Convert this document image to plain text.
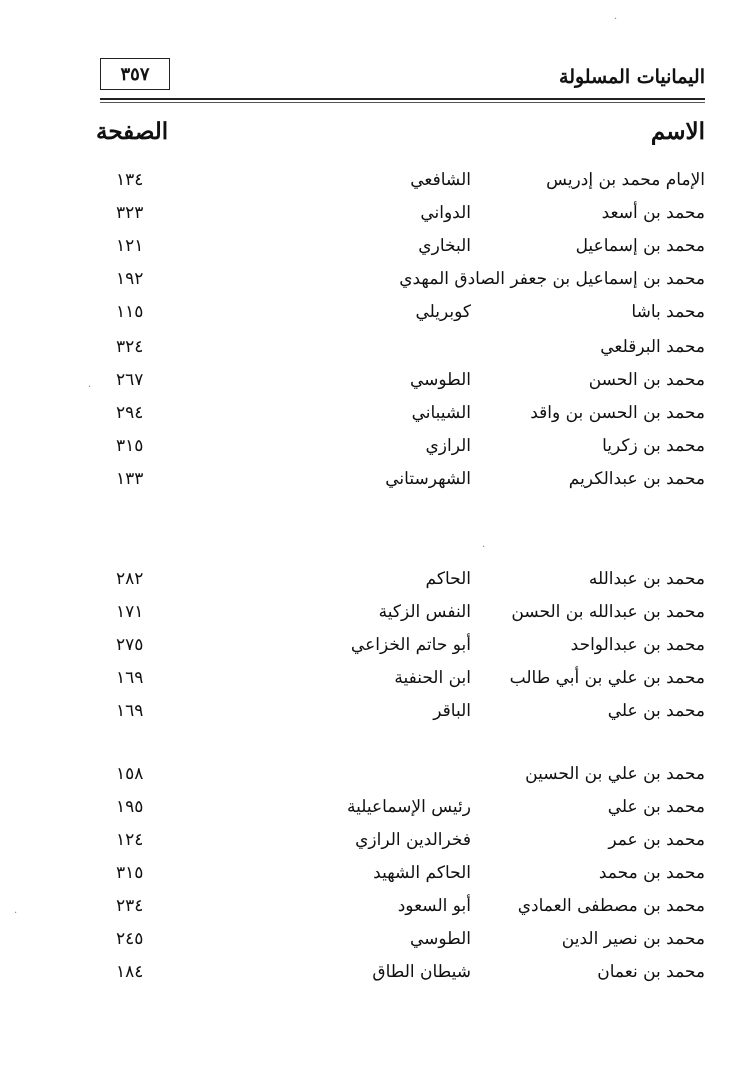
اليمانيات المسلولة
٣٥٧
الاسم
الصفحة
الإمام محمد بن إدريس
الشافعي
١٣٤
محمد بن أسعد
الدواني
٣٢٣
محمد بن إسماعيل
البخاري
١٢١
محمد بن إسماعيل بن جعفر الصادق المهدي
١٩٢
محمد باشا
كوبريلي
١١٥
محمد البرقلعي
٣٢٤
محمد بن الحسن
الطوسي
٢٦٧
محمد بن الحسن بن واقد
الشيباني
٢٩٤
محمد بن زكريا
الرازي
٣١٥
محمد بن عبدالكريم
الشهرستاني
١٣٣
محمد بن عبدالله
الحاكم
٢٨٢
محمد بن عبدالله بن الحسن
النفس الزكية
١٧١
محمد بن عبدالواحد
أبو حاتم الخزاعي
٢٧٥
محمد بن علي بن أبي طالب
ابن الحنفية
١٦٩
محمد بن علي
الباقر
١٦٩
محمد بن علي بن الحسين
١٥٨
محمد بن علي
رئيس الإسماعيلية
١٩٥
محمد بن عمر
فخرالدين الرازي
١٢٤
محمد بن محمد
الحاكم الشهيد
٣١٥
محمد بن مصطفى العمادي
أبو السعود
٢٣٤
محمد بن نصير الدين
الطوسي
٢٤٥
محمد بن نعمان
شيطان الطاق
١٨٤
·
·
·
·
